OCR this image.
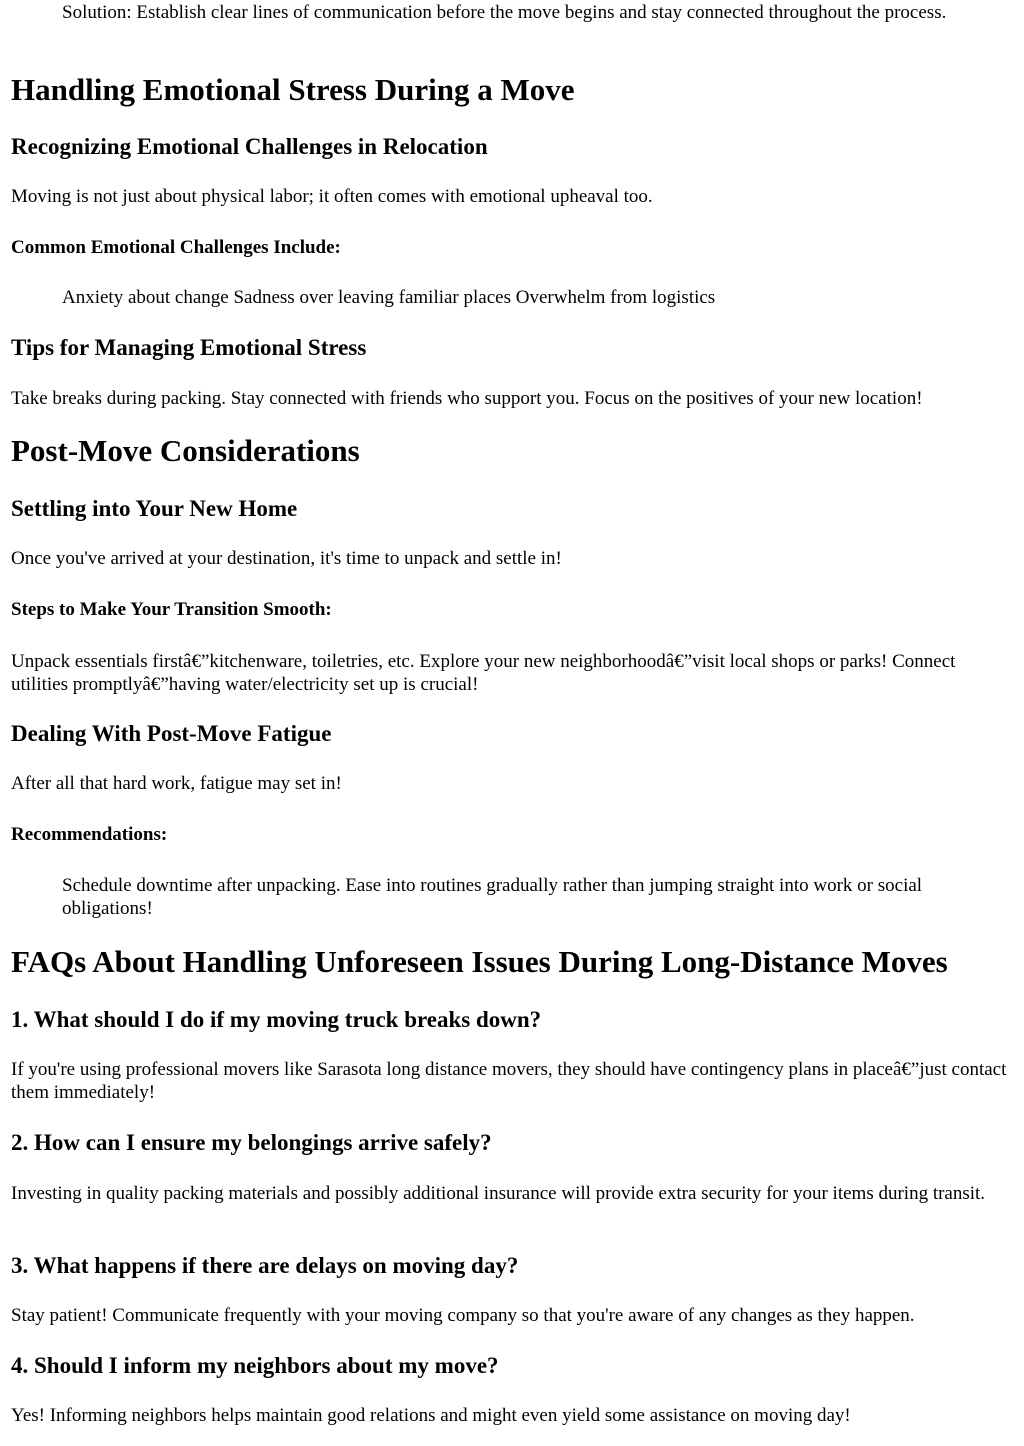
Solution: Establish clear lines of communication before the move begins and stay connected throughout the process.

Handling Emotional Stress During a Move
Recognizing Emotional Challenges in Relocation

Moving is not just about physical labor; it often comes with emotional upheaval too.

Common Emotional Challenges Include:

Anxiety about change Sadness over leaving familiar places Overwhelm from logistics

Tips for Managing Emotional Stress

Take breaks during packing. Stay connected with friends who support you. Focus on the positives of your new location!

Post-Move Considerations
Settling into Your New Home

Once you've arrived at your destination, it's time to unpack and settle in!

Steps to Make Your Transition Smooth:

Unpack essentials firstâ€”kitchenware, toiletries, etc. Explore your new neighborhoodâ€”visit local shops or parks! Connect utilities promptlyâ€”having water/electricity set up is crucial!

Dealing With Post-Move Fatigue

After all that hard work, fatigue may set in!

Recommendations:

Schedule downtime after unpacking. Ease into routines gradually rather than jumping straight into work or social obligations!

FAQs About Handling Unforeseen Issues During Long-Distance Moves
1. What should I do if my moving truck breaks down?

If you're using professional movers like Sarasota long distance movers, they should have contingency plans in placeâ€”just contact them immediately!

2. How can I ensure my belongings arrive safely?

Investing in quality packing materials and possibly additional insurance will provide extra security for your items during transit.

3. What happens if there are delays on moving day?

Stay patient! Communicate frequently with your moving company so that you're aware of any changes as they happen.

4. Should I inform my neighbors about my move?

Yes! Informing neighbors helps maintain good relations and might even yield some assistance on moving day!
